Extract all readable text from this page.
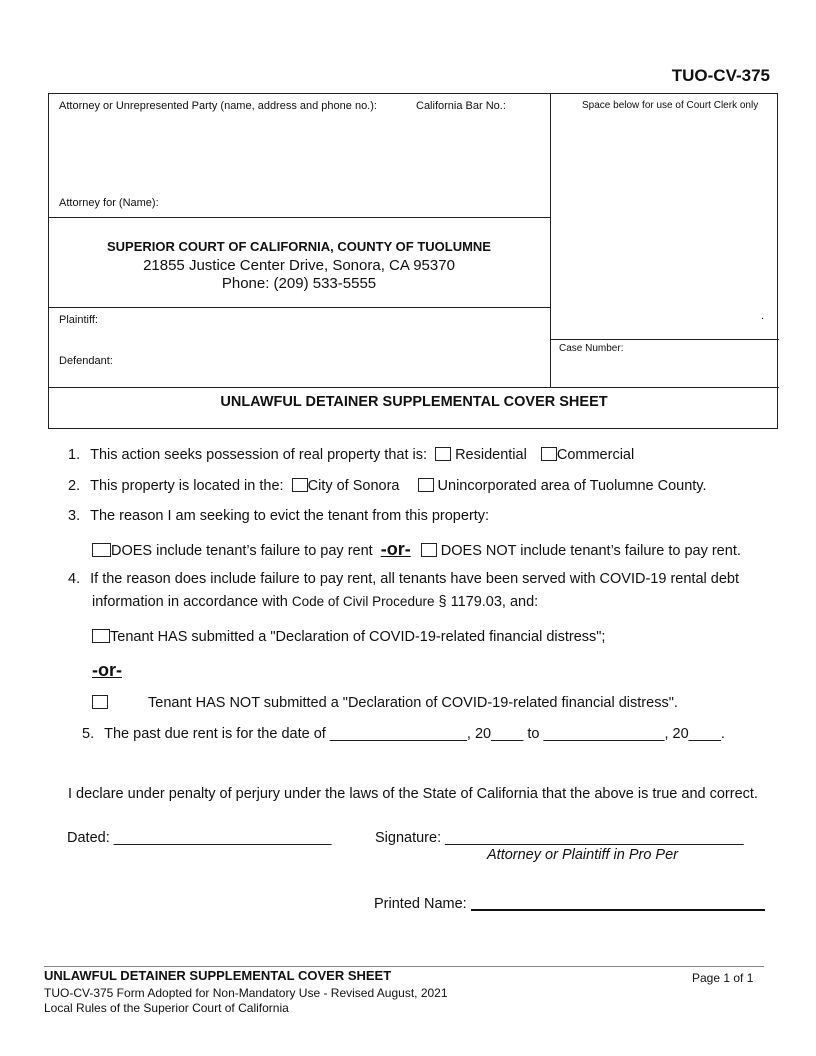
TUO-CV-375
Attorney or Unrepresented Party (name, address and phone no.):	California Bar No.:	Space below for use of Court Clerk only
Attorney for (Name):
SUPERIOR COURT OF CALIFORNIA, COUNTY OF TUOLUMNE
21855 Justice Center Drive, Sonora, CA 95370
Phone: (209) 533-5555
Plaintiff:
Defendant:
.
Case Number:
UNLAWFUL DETAINER SUPPLEMENTAL COVER SHEET
1. This action seeks possession of real property that is: Residential Commercial
2. This property is located in the: City of Sonora	Unincorporated area of Tuolumne County.
3. The reason I am seeking to evict the tenant from this property:
DOES include tenant’s failure to pay rent -or- DOES NOT include tenant’s failure to pay rent.
4. If the reason does include failure to pay rent, all tenants have been served with COVID-19 rental debt
information in accordance with Code of Civil Procedure § 1179.03, and:
Tenant HAS submitted a "Declaration of COVID-19-related financial distress";
-or-
Tenant HAS NOT submitted a "Declaration of COVID-19-related financial distress".
5. The past due rent is for the date of _________________, 20____ to _______________, 20____.
I declare under penalty of perjury under the laws of the State of California that the above is true and correct.
Dated: ___________________________	Signature: _____________________________________
Attorney or Plaintiff in Pro Per
Printed Name:
UNLAWFUL DETAINER SUPPLEMENTAL COVER SHEET
TUO-CV-375 Form Adopted for Non-Mandatory Use - Revised August, 2021
Local Rules of the Superior Court of California
Page 1 of 1
